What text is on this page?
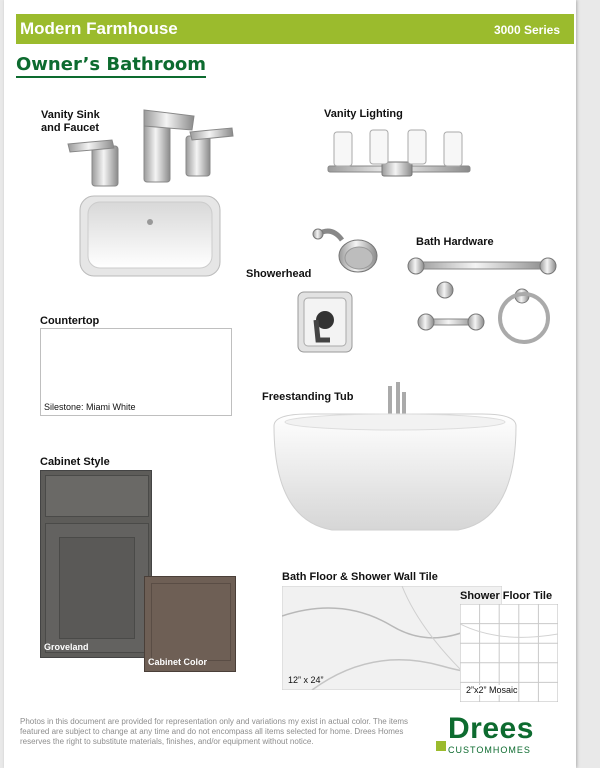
Modern Farmhouse	3000 Series
Owner’s Bathroom
Vanity Sink
and Faucet
Vanity Lighting
Showerhead
Bath Hardware
Countertop
Silestone: Miami White
Freestanding Tub
Cabinet Style
Groveland
Cabinet Color
Bath Floor & Shower Wall Tile
12” x 24”
Shower Floor Tile
2”x2” Mosaic
Photos in this document are provided for representation only and variations my exist in actual color. The items featured are subject to change at any time and do not encompass all items selected for home. Drees Homes reserves the right to substitute materials, finishes, and/or equipment without notice.	Drees
CUSTOMHOMES
